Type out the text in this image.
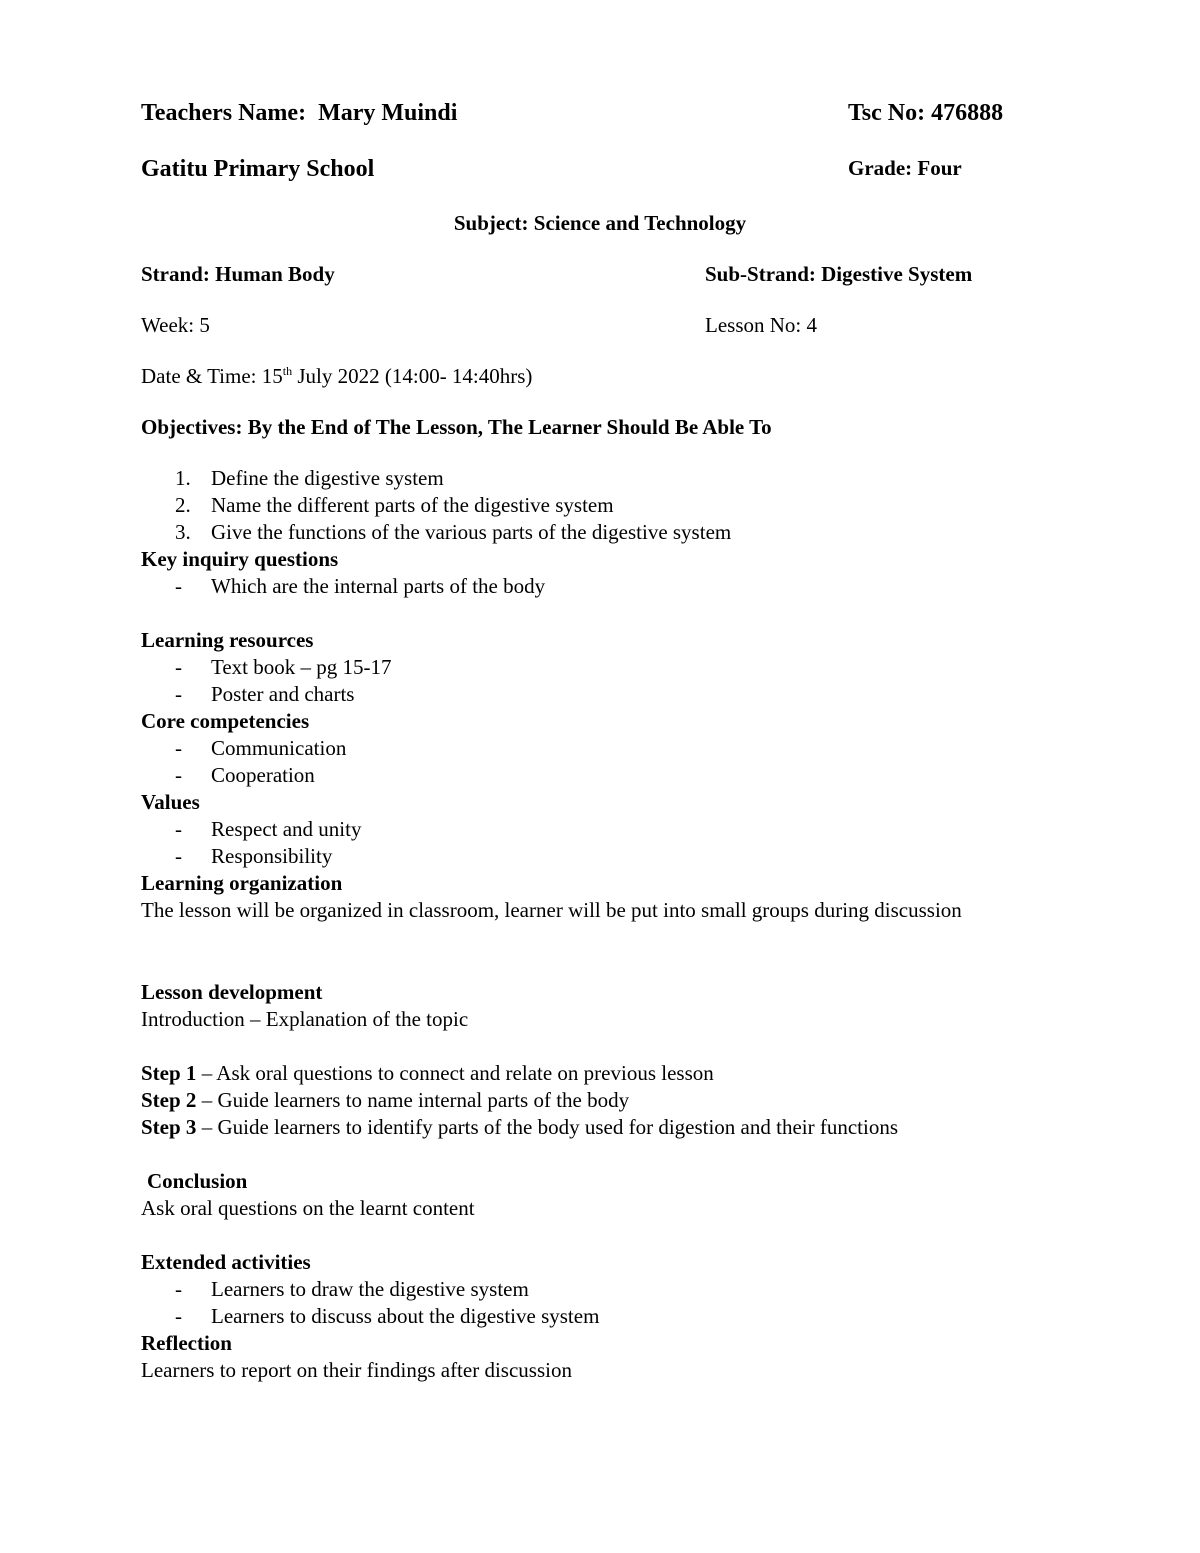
Teachers Name: Mary Muindi	Tsc No: 476888
Gatitu Primary School	Grade: Four
Subject: Science and Technology
Strand: Human Body	Sub-Strand: Digestive System
Week: 5	Lesson No: 4
Date & Time: 15th July 2022 (14:00- 14:40hrs)
Objectives: By the End of The Lesson, The Learner Should Be Able To
1. Define the digestive system
2. Name the different parts of the digestive system
3. Give the functions of the various parts of the digestive system
Key inquiry questions
- Which are the internal parts of the body
Learning resources
- Text book – pg 15-17
- Poster and charts
Core competencies
- Communication
- Cooperation
Values
- Respect and unity
- Responsibility
Learning organization
The lesson will be organized in classroom, learner will be put into small groups during discussion
Lesson development
Introduction – Explanation of the topic
Step 1 – Ask oral questions to connect and relate on previous lesson
Step 2 – Guide learners to name internal parts of the body
Step 3 – Guide learners to identify parts of the body used for digestion and their functions
Conclusion
Ask oral questions on the learnt content
Extended activities
- Learners to draw the digestive system
- Learners to discuss about the digestive system
Reflection
Learners to report on their findings after discussion
